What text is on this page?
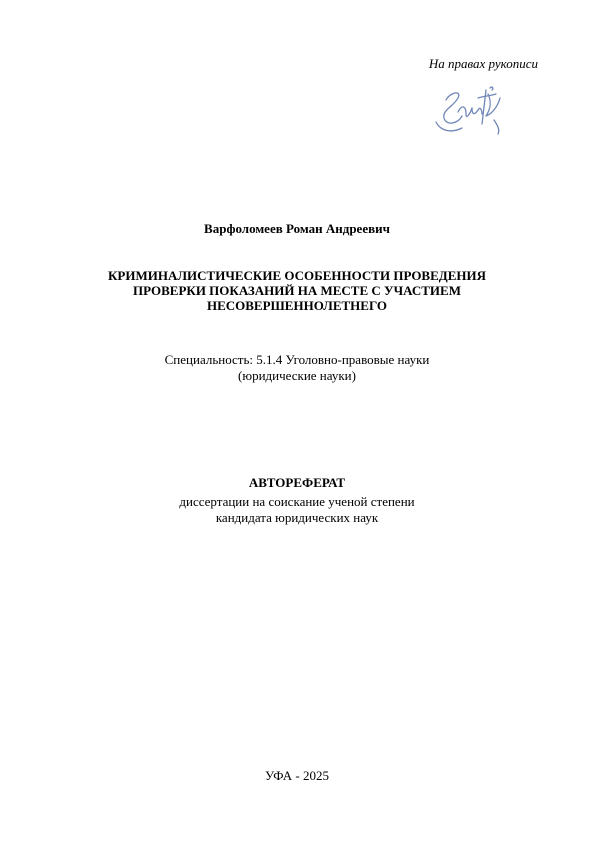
На правах рукописи
Варфоломеев Роман Андреевич
КРИМИНАЛИСТИЧЕСКИЕ ОСОБЕННОСТИ ПРОВЕДЕНИЯ
ПРОВЕРКИ ПОКАЗАНИЙ НА МЕСТЕ С УЧАСТИЕМ
НЕСОВЕРШЕННОЛЕТНЕГО
Специальность: 5.1.4 Уголовно-правовые науки
(юридические науки)
АВТОРЕФЕРАТ
диссертации на соискание ученой степени
кандидата юридических наук
УФА - 2025
